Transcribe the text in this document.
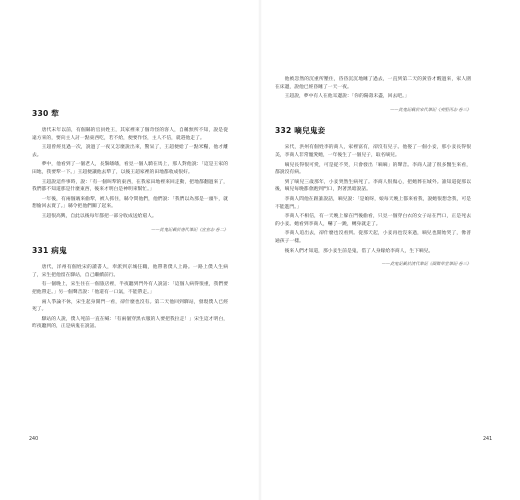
330 犂

唐代末年以前，有個縣的官員姓王，其家裡來了個奇怪的客人，自稱無所不知，說是從遠方來的，要向主人討一點東西吃，若不給，便要作怪，主人不信，就趕他走了。

王超曾經見過一次，說過了一夜又怎麼說出來，驚呆了，王超便給了一點米糧，他才離去。

夢中，他看到了一個老人，長鬚皤皤，看見一個人騎在馬上，那人對他說：「這是王家的田地，我要犂一下。」王超便讓他去犂了，以後王超家裡的田地都收成很好。

王超說這件事時，說：「有一個叫犂的東西，在我家田地裡來回走動，把地都翻過來了，我們都不知道那是什麼東西，後來才明白是神明來幫忙。」

一年後，有兩個賊來偷犂，被人抓住，縣令問他們，他們說：「我們以為那是一頭牛，就想偷回去賣了。」縣令把他們關了起來。

王超很高興，自此以後每年都把一部分收成送給窮人。

——此鬼記載於唐代筆記《宣室志·卷二》

331 病鬼

唐代，洋州有個姓宋的讀書人，奉派到京城任職，他帶著僕人上路。一路上僕人生病了，宋生把他留在驛站，自己繼續前行。

有一個晚上，宋生住在一個旅店裡，半夜聽到門外有人說話：「這個人病得很重，我們要把他帶走。」另一個聲音說：「他還有一口氣，不能帶走。」

兩人爭論不休，宋生起身開門一看，卻什麼也沒有。第二天他回到驛站，發現僕人已經死了。

驛站的人說，僕人死前一直在喊：「有兩個穿黑衣服的人要把我拉走！」宋生這才明白，昨夜聽到的，正是病鬼在說話。

240

他被忽然的沉重所壓住，昏昏沉沉地睡了過去，一直到第二天的黃昏才醒過來，家人圍在床邊，說他已經昏睡了一天一夜。

王超說，夢中有人在他耳邊說：「你的陽壽未盡，回去吧。」

——此鬼記載於宋代筆記《夷堅丙志·卷三》

332 嘀兒鬼妾

宋代，洪州有個姓李的商人，家裡富有，卻沒有兒子。他娶了一個小妾，那小妾長得很美，李商人非常寵愛她，一年後生了一個兒子，取名嘀兒。

嘀兒長得很可愛，可是從不哭，只會發出「嘀嘀」的聲音。李商人請了很多醫生來看，都說沒有病。

到了嘀兒三歲那年，小妾突然生病死了。李商人很傷心，把她葬在城外。誰知道從那以後，嘀兒每晚都會跑到門口，對著黑暗說話。

李商人問他在跟誰說話，嘀兒說：「是娘呀，娘每天晚上都來看我，說她很想念我，可是不能進門。」

李商人不相信，有一天晚上躲在門後偷看，只見一個穿白衣的女子站在門口，正是死去的小妾。她看到李商人，嚇了一跳，轉身就走了。

李商人追出去，卻什麼也沒看到。從那天起，小妾再也沒來過，嘀兒也開始哭了，像普通孩子一樣。

後來人們才知道，那小妾生前是鬼，借了人身嫁給李商人，生下嘀兒。

——此鬼記載於清代筆記《閱微草堂筆記·卷三》

241
